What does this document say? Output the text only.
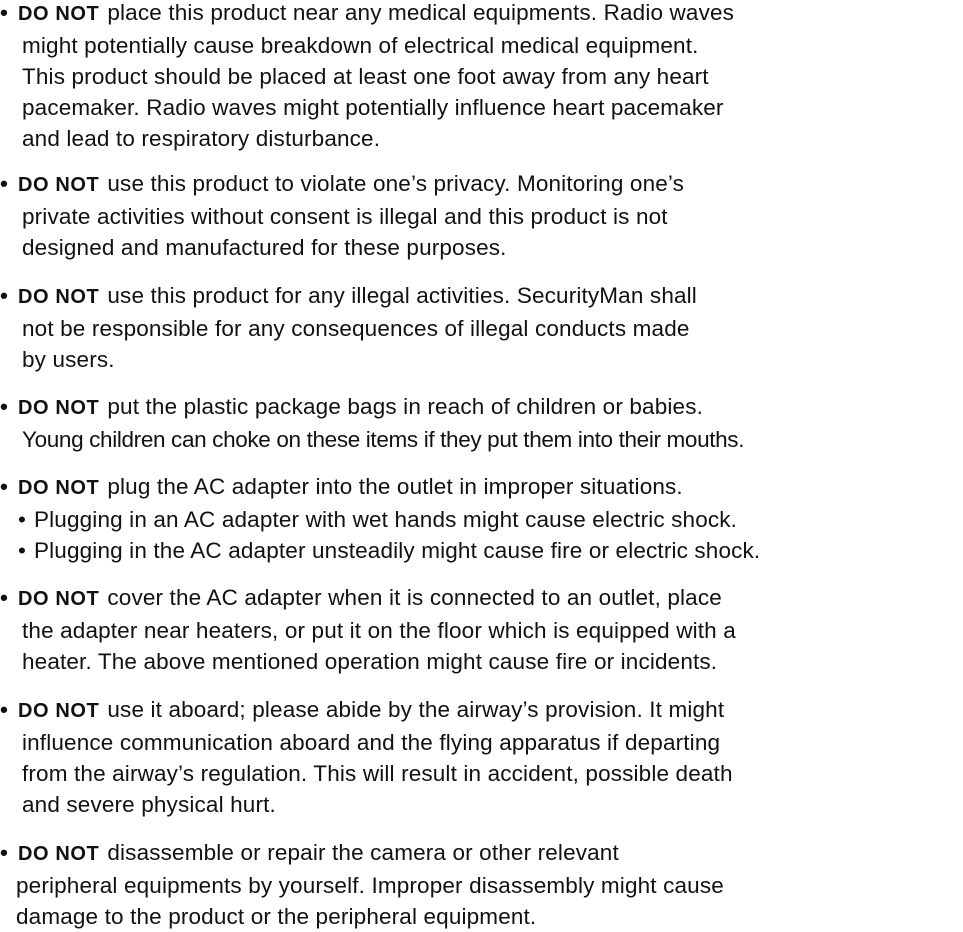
• DO NOT place this product near any medical equipments. Radio waves
might potentially cause breakdown of electrical medical equipment.
This product should be placed at least one foot away from any heart
pacemaker. Radio waves might potentially influence heart pacemaker
and lead to respiratory disturbance.
• DO NOT use this product to violate one’s privacy. Monitoring one’s
private activities without consent is illegal and this product is not
designed and manufactured for these purposes.
• DO NOT use this product for any illegal activities. SecurityMan shall
not be responsible for any consequences of illegal conducts made
by users.
• DO NOT put the plastic package bags in reach of children or babies.
Young children can choke on these items if they put them into their mouths.
• DO NOT plug the AC adapter into the outlet in improper situations.
• Plugging in an AC adapter with wet hands might cause electric shock.
• Plugging in the AC adapter unsteadily might cause fire or electric shock.
• DO NOT cover the AC adapter when it is connected to an outlet, place
the adapter near heaters, or put it on the floor which is equipped with a
heater. The above mentioned operation might cause fire or incidents.
• DO NOT use it aboard; please abide by the airway’s provision. It might
influence communication aboard and the flying apparatus if departing
from the airway’s regulation. This will result in accident, possible death
and severe physical hurt.
• DO NOT disassemble or repair the camera or other relevant
peripheral equipments by yourself. Improper disassembly might cause
damage to the product or the peripheral equipment.
